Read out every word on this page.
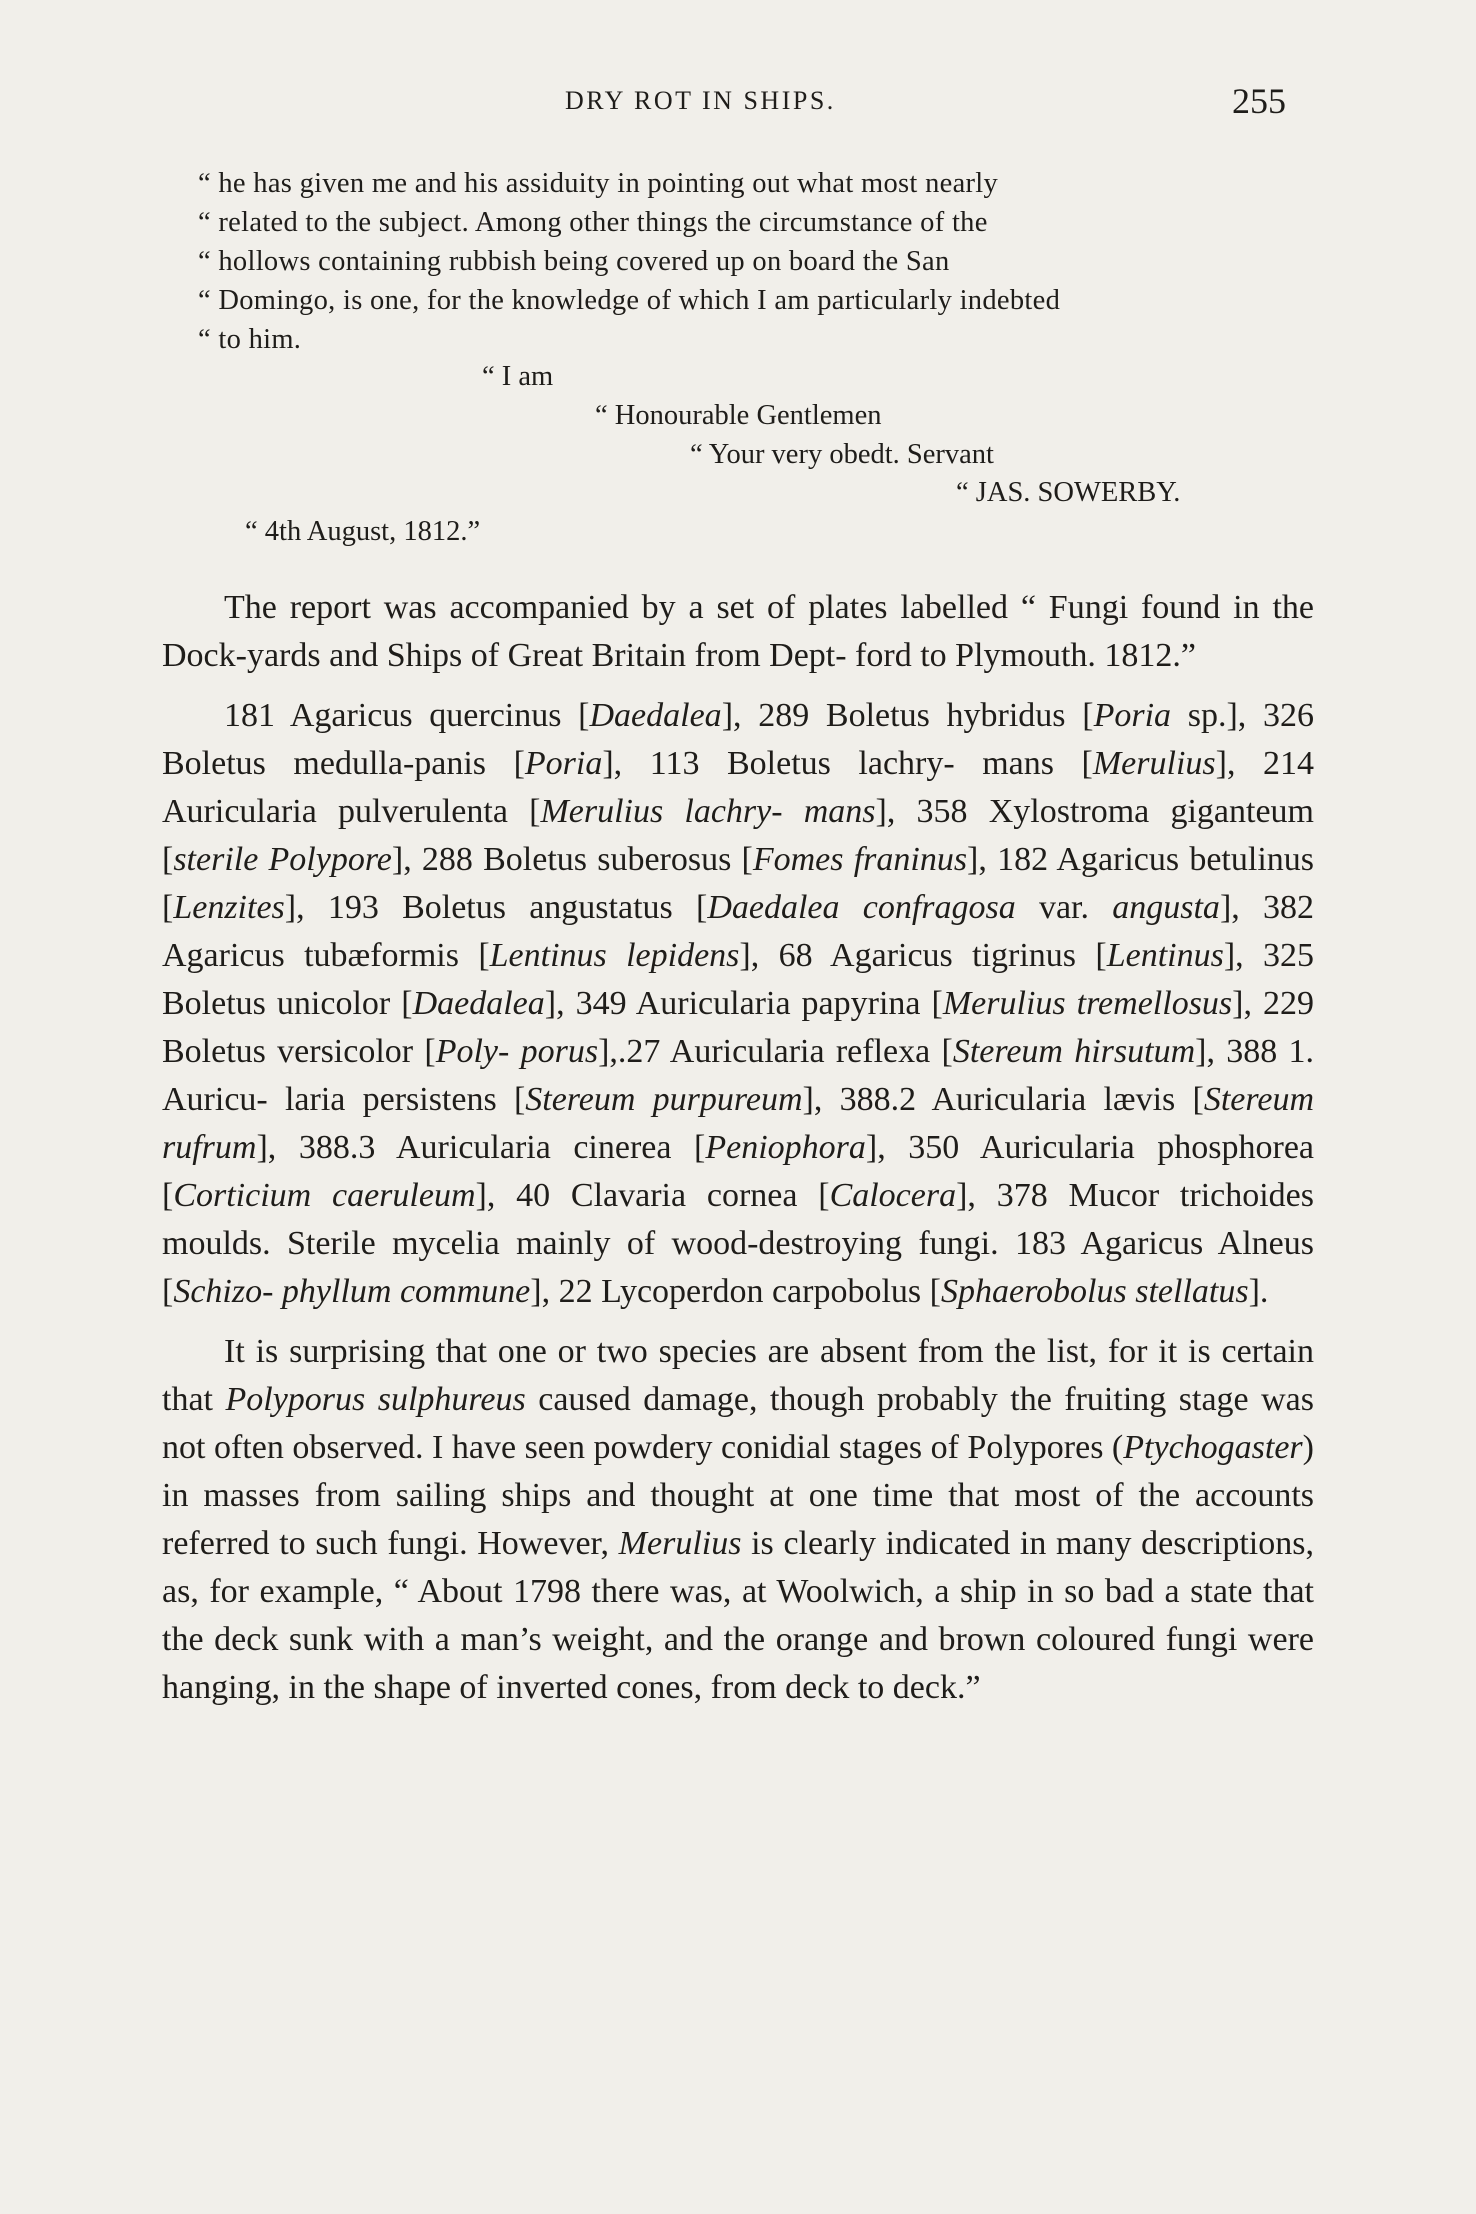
DRY ROT IN SHIPS.	255

“ he has given me and his assiduity in pointing out what most nearly

“ related to the subject. Among other things the circumstance of the

“ hollows containing rubbish being covered up on board the San

“ Domingo, is one, for the knowledge of which I am particularly indebted

“ to him.

“ I am
“ Honourable Gentlemen
“ Your very obedt. Servant
“ JAS. SOWERBY.
“ 4th August, 1812.”

The report was accompanied by a set of plates labelled “ Fungi found in the Dock-yards and Ships of Great Britain from Dept- ford to Plymouth. 1812.”

181 Agaricus quercinus [Daedalea], 289 Boletus hybridus [Poria sp.], 326 Boletus medulla-panis [Poria], 113 Boletus lachry- mans [Merulius], 214 Auricularia pulverulenta [Merulius lachry- mans], 358 Xylostroma giganteum [sterile Polypore], 288 Boletus suberosus [Fomes franinus], 182 Agaricus betulinus [Lenzites], 193 Boletus angustatus [Daedalea confragosa var. angusta], 382 Agaricus tubæformis [Lentinus lepidens], 68 Agaricus tigrinus [Lentinus], 325 Boletus unicolor [Daedalea], 349 Auricularia papyrina [Merulius tremellosus], 229 Boletus versicolor [Poly- porus],.27 Auricularia reflexa [Stereum hirsutum], 388 1. Auricu- laria persistens [Stereum purpureum], 388.2 Auricularia lævis [Stereum rufrum], 388.3 Auricularia cinerea [Peniophora], 350 Auricularia phosphorea [Corticium caeruleum], 40 Clavaria cornea [Calocera], 378 Mucor trichoides moulds. Sterile mycelia mainly of wood-destroying fungi. 183 Agaricus Alneus [Schizo- phyllum commune], 22 Lycoperdon carpobolus [Sphaerobolus stellatus].

It is surprising that one or two species are absent from the list, for it is certain that Polyporus sulphureus caused damage, though probably the fruiting stage was not often observed. I have seen powdery conidial stages of Polypores (Ptychogaster) in masses from sailing ships and thought at one time that most of the accounts referred to such fungi. However, Merulius is clearly indicated in many descriptions, as, for example, “ About 1798 there was, at Woolwich, a ship in so bad a state that the deck sunk with a man’s weight, and the orange and brown coloured fungi were hanging, in the shape of inverted cones, from deck to deck.”
